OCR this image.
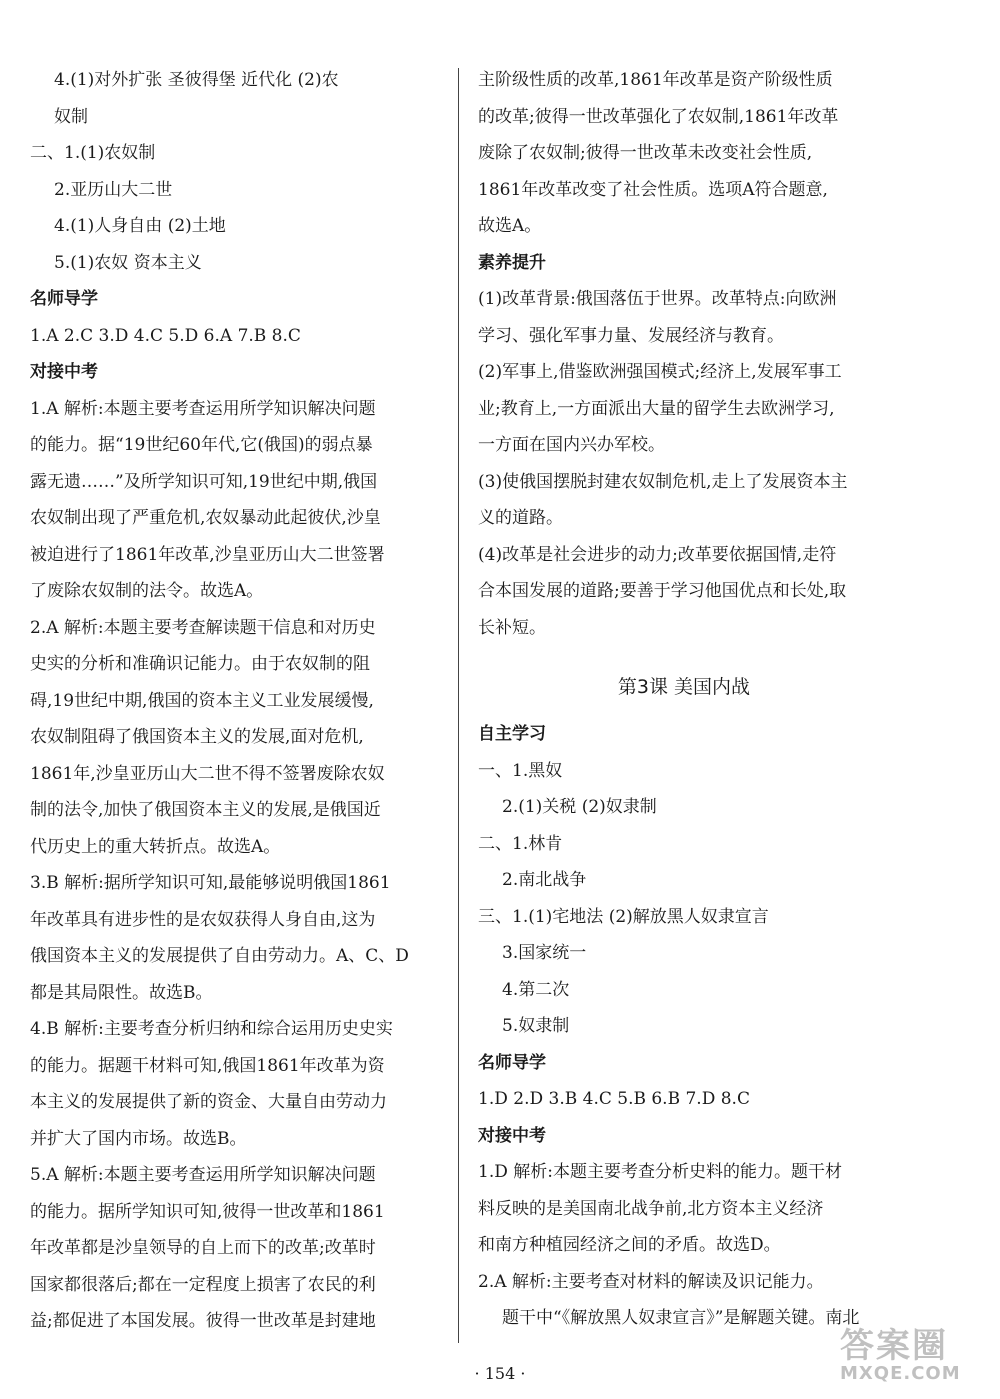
4.(1)对外扩张 圣彼得堡 近代化 (2)农
奴制
二、1.(1)农奴制
2.亚历山大二世
4.(1)人身自由 (2)土地
5.(1)农奴 资本主义
名师导学
1.A 2.C 3.D 4.C 5.D 6.A 7.B 8.C
对接中考
1.A 解析:本题主要考查运用所学知识解决问题
的能力。据“19世纪60年代,它(俄国)的弱点暴
露无遗……”及所学知识可知,19世纪中期,俄国
农奴制出现了严重危机,农奴暴动此起彼伏,沙皇
被迫进行了1861年改革,沙皇亚历山大二世签署
了废除农奴制的法令。故选A。
2.A 解析:本题主要考查解读题干信息和对历史
史实的分析和准确识记能力。由于农奴制的阻
碍,19世纪中期,俄国的资本主义工业发展缓慢,
农奴制阻碍了俄国资本主义的发展,面对危机,
1861年,沙皇亚历山大二世不得不签署废除农奴
制的法令,加快了俄国资本主义的发展,是俄国近
代历史上的重大转折点。故选A。
3.B 解析:据所学知识可知,最能够说明俄国1861
年改革具有进步性的是农奴获得人身自由,这为
俄国资本主义的发展提供了自由劳动力。A、C、D
都是其局限性。故选B。
4.B 解析:主要考查分析归纳和综合运用历史史实
的能力。据题干材料可知,俄国1861年改革为资
本主义的发展提供了新的资金、大量自由劳动力
并扩大了国内市场。故选B。
5.A 解析:本题主要考查运用所学知识解决问题
的能力。据所学知识可知,彼得一世改革和1861
年改革都是沙皇领导的自上而下的改革;改革时
国家都很落后;都在一定程度上损害了农民的利
益;都促进了本国发展。彼得一世改革是封建地
主阶级性质的改革,1861年改革是资产阶级性质
的改革;彼得一世改革强化了农奴制,1861年改革
废除了农奴制;彼得一世改革未改变社会性质,
1861年改革改变了社会性质。选项A符合题意,
故选A。
素养提升
(1)改革背景:俄国落伍于世界。改革特点:向欧洲
学习、强化军事力量、发展经济与教育。
(2)军事上,借鉴欧洲强国模式;经济上,发展军事工
业;教育上,一方面派出大量的留学生去欧洲学习,
一方面在国内兴办军校。
(3)使俄国摆脱封建农奴制危机,走上了发展资本主
义的道路。
(4)改革是社会进步的动力;改革要依据国情,走符
合本国发展的道路;要善于学习他国优点和长处,取
长补短。
第3课 美国内战
自主学习
一、1.黑奴
2.(1)关税 (2)奴隶制
二、1.林肯
2.南北战争
三、1.(1)宅地法 (2)解放黑人奴隶宣言
3.国家统一
4.第二次
5.奴隶制
名师导学
1.D 2.D 3.B 4.C 5.B 6.B 7.D 8.C
对接中考
1.D 解析:本题主要考查分析史料的能力。题干材
料反映的是美国南北战争前,北方资本主义经济
和南方种植园经济之间的矛盾。故选D。
2.A 解析:主要考查对材料的解读及识记能力。
题干中“《解放黑人奴隶宣言》”是解题关键。南北
· 154 ·
答案圈
MXQE.COM
